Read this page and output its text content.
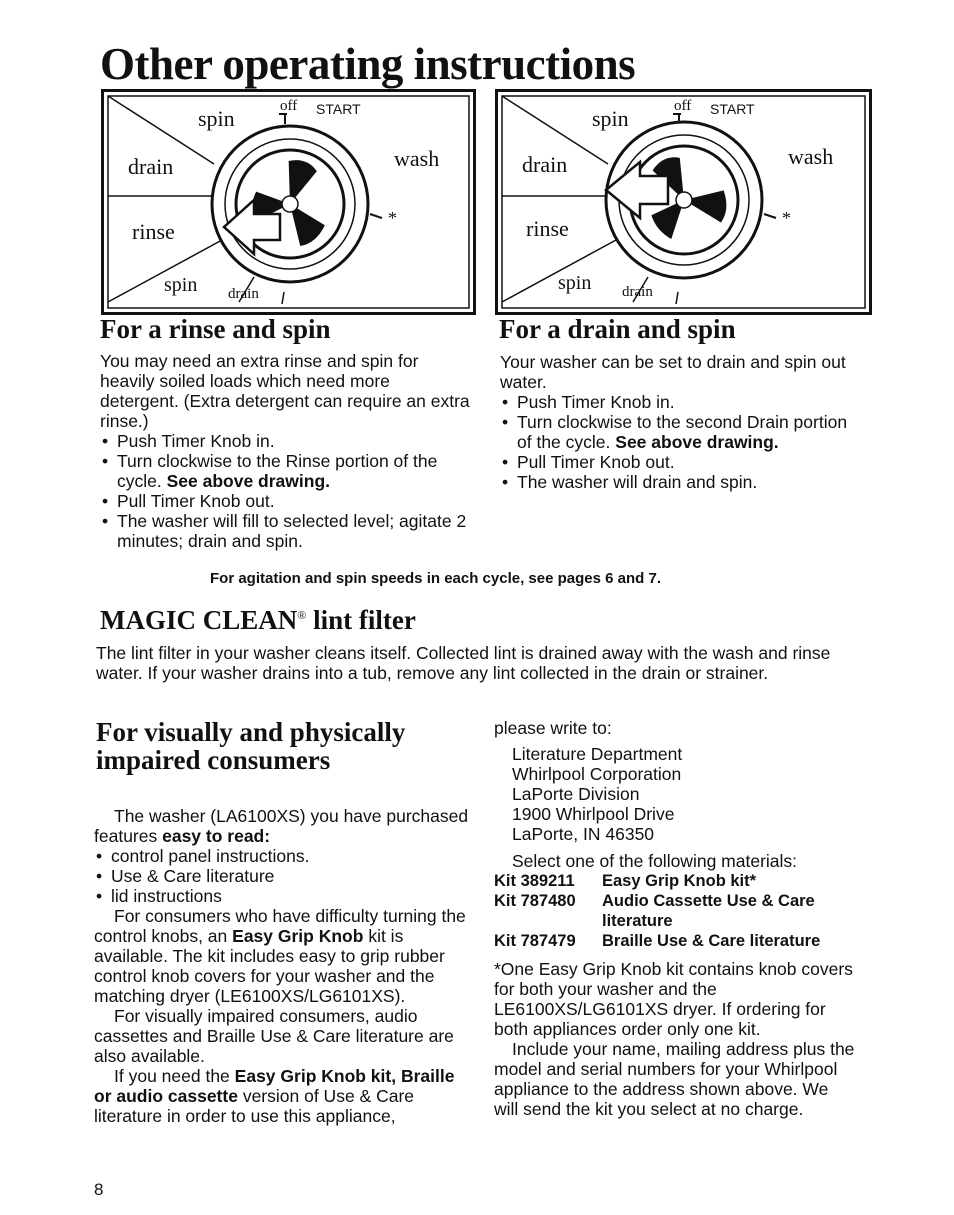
Other operating instructions
spin	off START
drain	wash
*
rinse
spin drain
spin	off START
drain	wash
*
rinse
spin drain
For a rinse and spin
You may need an extra rinse and spin for heavily soiled loads which need more detergent. (Extra detergent can require an extra rinse.)
• Push Timer Knob in.
• Turn clockwise to the Rinse portion of the cycle. See above drawing.
• Pull Timer Knob out.
• The washer will fill to selected level; agitate 2 minutes; drain and spin.
For a drain and spin
Your washer can be set to drain and spin out water.
• Push Timer Knob in.
• Turn clockwise to the second Drain portion of the cycle. See above drawing.
• Pull Timer Knob out.
• The washer will drain and spin.
For agitation and spin speeds in each cycle, see pages 6 and 7.
MAGIC CLEAN® lint filter
The lint filter in your washer cleans itself. Collected lint is drained away with the wash and rinse water. If your washer drains into a tub, remove any lint collected in the drain or strainer.
For visually and physically
impaired consumers
The washer (LA6100XS) you have purchased features easy to read:
• control panel instructions.
• Use & Care literature
• lid instructions
For consumers who have difficulty turning the control knobs, an Easy Grip Knob kit is available. The kit includes easy to grip rubber control knob covers for your washer and the matching dryer (LE6100XS/LG6101XS).
For visually impaired consumers, audio cassettes and Braille Use & Care literature are also available.
If you need the Easy Grip Knob kit, Braille or audio cassette version of Use & Care literature in order to use this appliance,
please write to:
Literature Department
Whirlpool Corporation
LaPorte Division
1900 Whirlpool Drive
LaPorte, IN 46350
Select one of the following materials:
Kit 389211	Easy Grip Knob kit*
Kit 787480	Audio Cassette Use & Care literature
Kit 787479	Braille Use & Care literature
*One Easy Grip Knob kit contains knob covers for both your washer and the LE6100XS/LG6101XS dryer. If ordering for both appliances order only one kit.
Include your name, mailing address plus the model and serial numbers for your Whirlpool appliance to the address shown above. We will send the kit you select at no charge.
8
